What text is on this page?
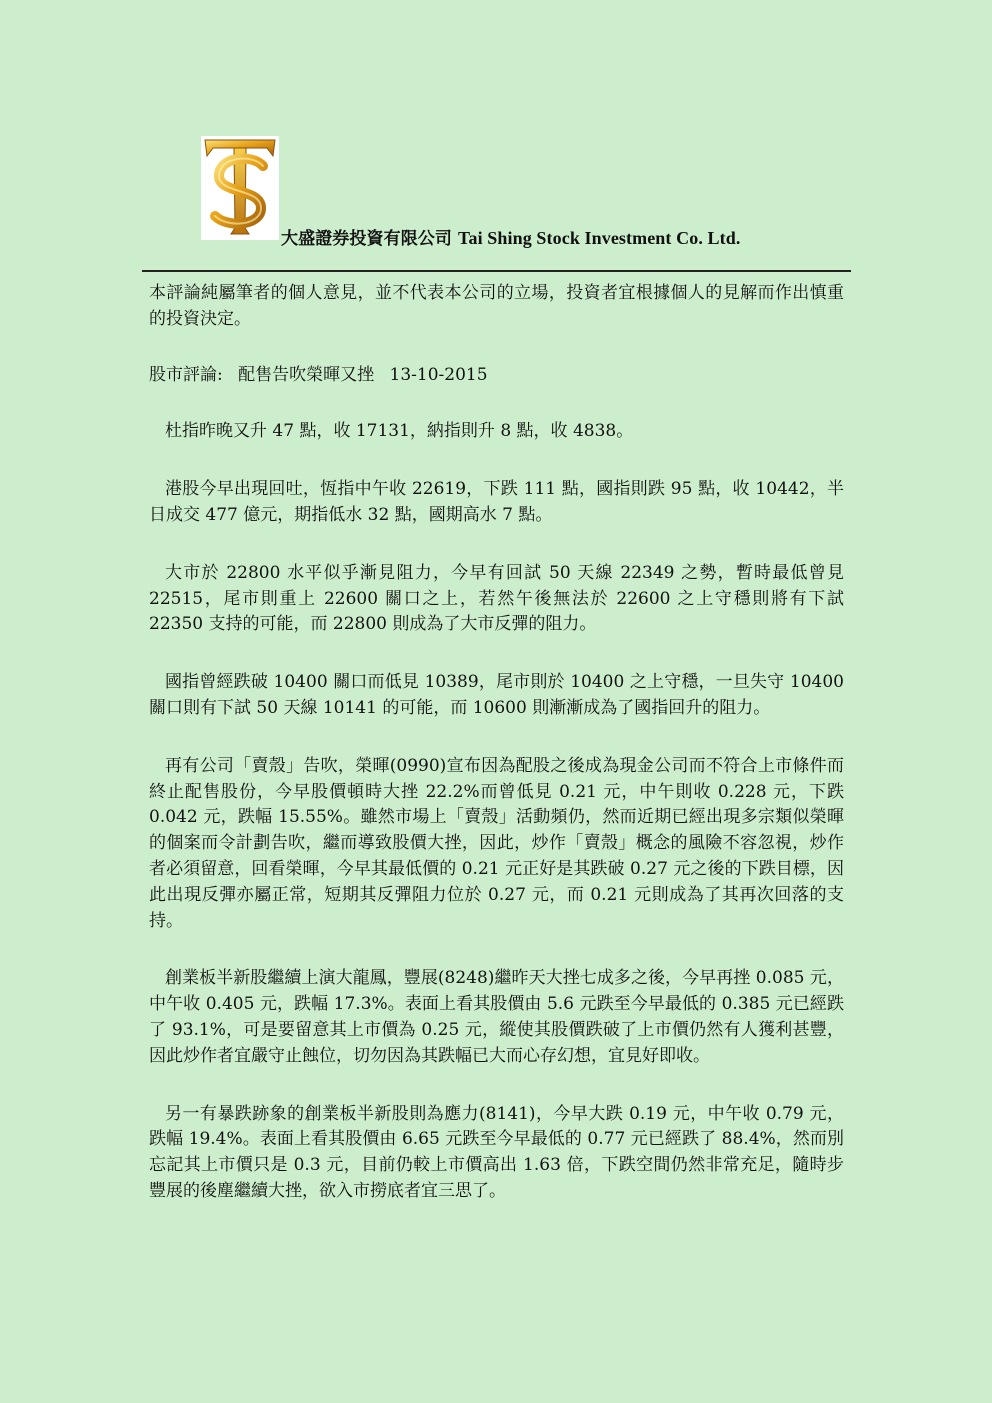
大盛證券投資有限公司 Tai Shing Stock Investment Co. Ltd.

本評論純屬筆者的個人意見，並不代表本公司的立場，投資者宜根據個人的見解而作出慎重的投資決定。

股市評論: 配售告吹榮暉又挫 13-10-2015

杜指昨晚又升 47 點，收 17131，納指則升 8 點，收 4838。

港股今早出現回吐，恆指中午收 22619，下跌 111 點，國指則跌 95 點，收 10442，半日成交 477 億元，期指低水 32 點，國期高水 7 點。

大市於 22800 水平似乎漸見阻力，今早有回試 50 天線 22349 之勢，暫時最低曾見 22515，尾市則重上 22600 關口之上，若然午後無法於 22600 之上守穩則將有下試 22350 支持的可能，而 22800 則成為了大市反彈的阻力。

國指曾經跌破 10400 關口而低見 10389，尾市則於 10400 之上守穩，一旦失守 10400 關口則有下試 50 天線 10141 的可能，而 10600 則漸漸成為了國指回升的阻力。

再有公司「賣殼」告吹，榮暉(0990)宣布因為配股之後成為現金公司而不符合上市條件而終止配售股份，今早股價頓時大挫 22.2%而曾低見 0.21 元，中午則收 0.228 元，下跌 0.042 元，跌幅 15.55%。雖然市場上「賣殼」活動頻仍，然而近期已經出現多宗類似榮暉的個案而令計劃告吹，繼而導致股價大挫，因此，炒作「賣殼」概念的風險不容忽視，炒作者必須留意，回看榮暉，今早其最低價的 0.21 元正好是其跌破 0.27 元之後的下跌目標，因此出現反彈亦屬正常，短期其反彈阻力位於 0.27 元，而 0.21 元則成為了其再次回落的支持。

創業板半新股繼續上演大龍鳳，豐展(8248)繼昨天大挫七成多之後，今早再挫 0.085 元，中午收 0.405 元，跌幅 17.3%。表面上看其股價由 5.6 元跌至今早最低的 0.385 元已經跌了 93.1%，可是要留意其上市價為 0.25 元，縱使其股價跌破了上市價仍然有人獲利甚豐，因此炒作者宜嚴守止蝕位，切勿因為其跌幅已大而心存幻想，宜見好即收。

另一有暴跌跡象的創業板半新股則為應力(8141)，今早大跌 0.19 元，中午收 0.79 元，跌幅 19.4%。表面上看其股價由 6.65 元跌至今早最低的 0.77 元已經跌了 88.4%，然而別忘記其上市價只是 0.3 元，目前仍較上市價高出 1.63 倍，下跌空間仍然非常充足，隨時步豐展的後塵繼續大挫，欲入市撈底者宜三思了。
